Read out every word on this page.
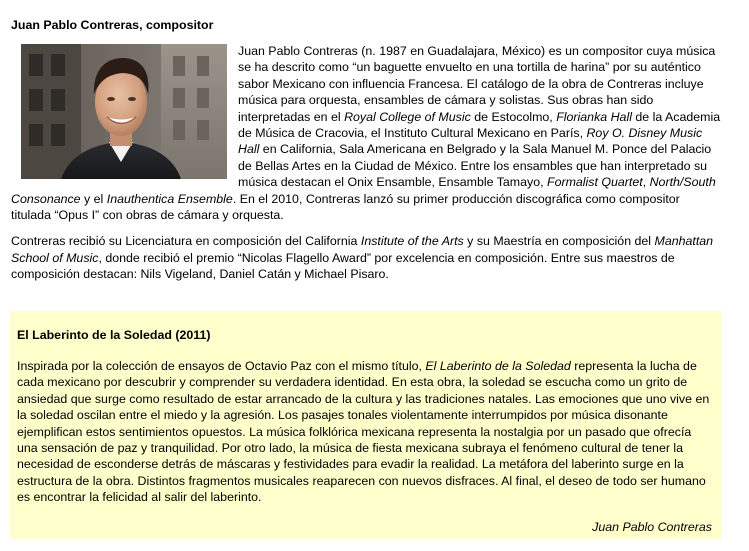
Juan Pablo Contreras, compositor

Juan Pablo Contreras (n. 1987 en Guadalajara, México) es un compositor cuya música se ha descrito como “un baguette envuelto en una tortilla de harina” por su auténtico sabor Mexicano con influencia Francesa. El catálogo de la obra de Contreras incluye música para orquesta, ensambles de cámara y solistas. Sus obras han sido interpretadas en el Royal College of Music de Estocolmo, Florianka Hall de la Academia de Música de Cracovia, el Instituto Cultural Mexicano en París, Roy O. Disney Music Hall en California, Sala Americana en Belgrado y la Sala Manuel M. Ponce del Palacio de Bellas Artes en la Ciudad de México. Entre los ensambles que han interpretado su música destacan el Onix Ensamble, Ensamble Tamayo, Formalist Quartet, North/South Consonance y el Inauthentica Ensemble. En el 2010, Contreras lanzó su primer producción discográfica como compositor titulada “Opus I” con obras de cámara y orquesta.

Contreras recibió su Licenciatura en composición del California Institute of the Arts y su Maestría en composición del Manhattan School of Music, donde recibió el premio “Nicolas Flagello Award” por excelencia en composición. Entre sus maestros de composición destacan: Nils Vigeland, Daniel Catán y Michael Pisaro.

El Laberinto de la Soledad (2011)

Inspirada por la colección de ensayos de Octavio Paz con el mismo título, El Laberinto de la Soledad representa la lucha de cada mexicano por descubrir y comprender su verdadera identidad. En esta obra, la soledad se escucha como un grito de ansiedad que surge como resultado de estar arrancado de la cultura y las tradiciones natales. Las emociones que uno vive en la soledad oscilan entre el miedo y la agresión. Los pasajes tonales violentamente interrumpidos por música disonante ejemplifican estos sentimientos opuestos. La música folklórica mexicana representa la nostalgia por un pasado que ofrecía una sensación de paz y tranquilidad. Por otro lado, la música de fiesta mexicana subraya el fenómeno cultural de tener la necesidad de esconderse detrás de máscaras y festividades para evadir la realidad. La metáfora del laberinto surge en la estructura de la obra. Distintos fragmentos musicales reaparecen con nuevos disfraces. Al final, el deseo de todo ser humano es encontrar la felicidad al salir del laberinto.

Juan Pablo Contreras
